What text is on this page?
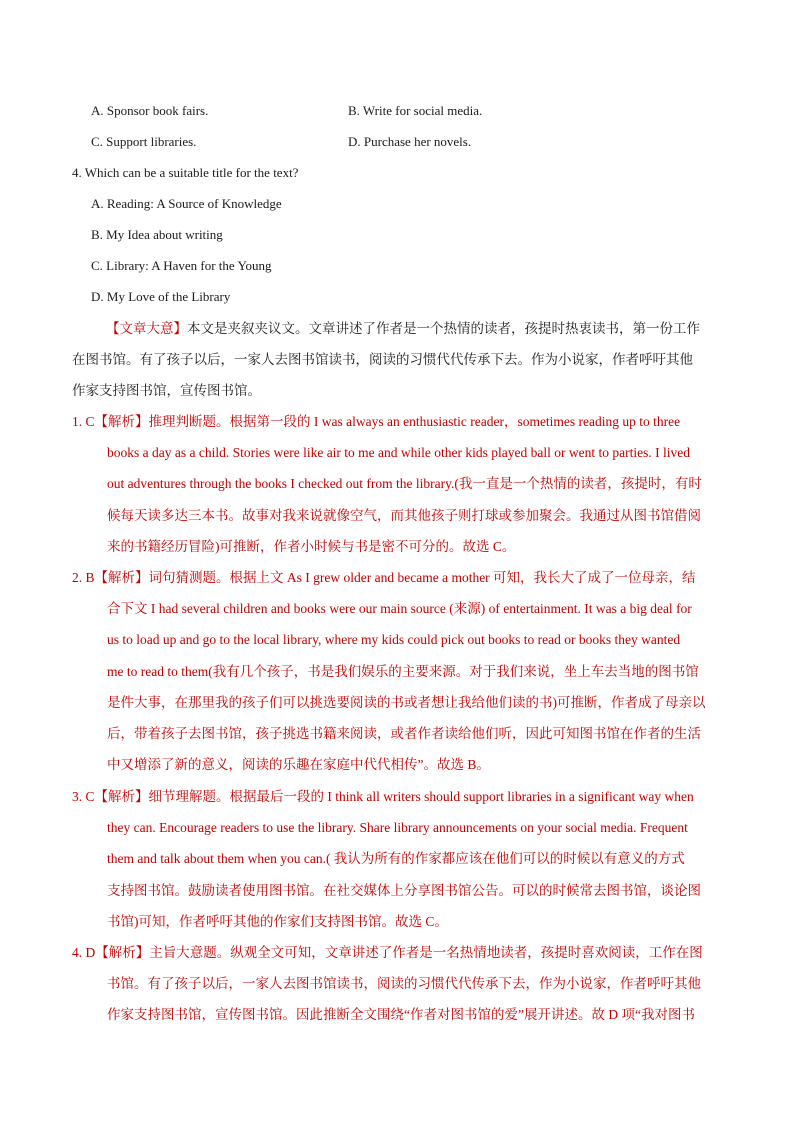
A. Sponsor book fairs.	B. Write for social media.
C. Support libraries.	D. Purchase her novels.
4. Which can be a suitable title for the text?
A. Reading: A Source of Knowledge
B. My Idea about writing
C. Library: A Haven for the Young
D. My Love of the Library
【文章大意】本文是夹叙夹议文。文章讲述了作者是一个热情的读者，孩提时热衷读书，第一份工作
在图书馆。有了孩子以后，一家人去图书馆读书，阅读的习惯代代传承下去。作为小说家，作者呼吁其他
作家支持图书馆，宣传图书馆。
1. C【解析】推理判断题。根据第一段的 I was always an enthusiastic reader，sometimes reading up to three
books a day as a child. Stories were like air to me and while other kids played ball or went to parties. I lived
out adventures through the books I checked out from the library.(我一直是一个热情的读者，孩提时，有时
候每天读多达三本书。故事对我来说就像空气，而其他孩子则打球或参加聚会。我通过从图书馆借阅
来的书籍经历冒险)可推断，作者小时候与书是密不可分的。故选 C。
2. B【解析】词句猜测题。根据上文 As I grew older and became a mother 可知，我长大了成了一位母亲，结
合下文 I had several children and books were our main source (来源) of entertainment. It was a big deal for
us to load up and go to the local library, where my kids could pick out books to read or books they wanted
me to read to them(我有几个孩子，书是我们娱乐的主要来源。对于我们来说，坐上车去当地的图书馆
是件大事，在那里我的孩子们可以挑选要阅读的书或者想让我给他们读的书)可推断，作者成了母亲以
后，带着孩子去图书馆，孩子挑选书籍来阅读，或者作者读给他们听，因此可知图书馆在作者的生活
中又增添了新的意义，阅读的乐趣在家庭中代代相传”。故选 B。
3. C【解析】细节理解题。根据最后一段的 I think all writers should support libraries in a significant way when
they can. Encourage readers to use the library. Share library announcements on your social media. Frequent
them and talk about them when you can.( 我认为所有的作家都应该在他们可以的时候以有意义的方式
支持图书馆。鼓励读者使用图书馆。在社交媒体上分享图书馆公告。可以的时候常去图书馆，谈论图
书馆)可知，作者呼吁其他的作家们支持图书馆。故选 C。
4. D【解析】主旨大意题。纵观全文可知，文章讲述了作者是一名热情地读者，孩提时喜欢阅读，工作在图
书馆。有了孩子以后，一家人去图书馆读书，阅读的习惯代代传承下去，作为小说家，作者呼吁其他
作家支持图书馆，宣传图书馆。因此推断全文围绕“作者对图书馆的爱”展开讲述。故 D 项“我对图书
